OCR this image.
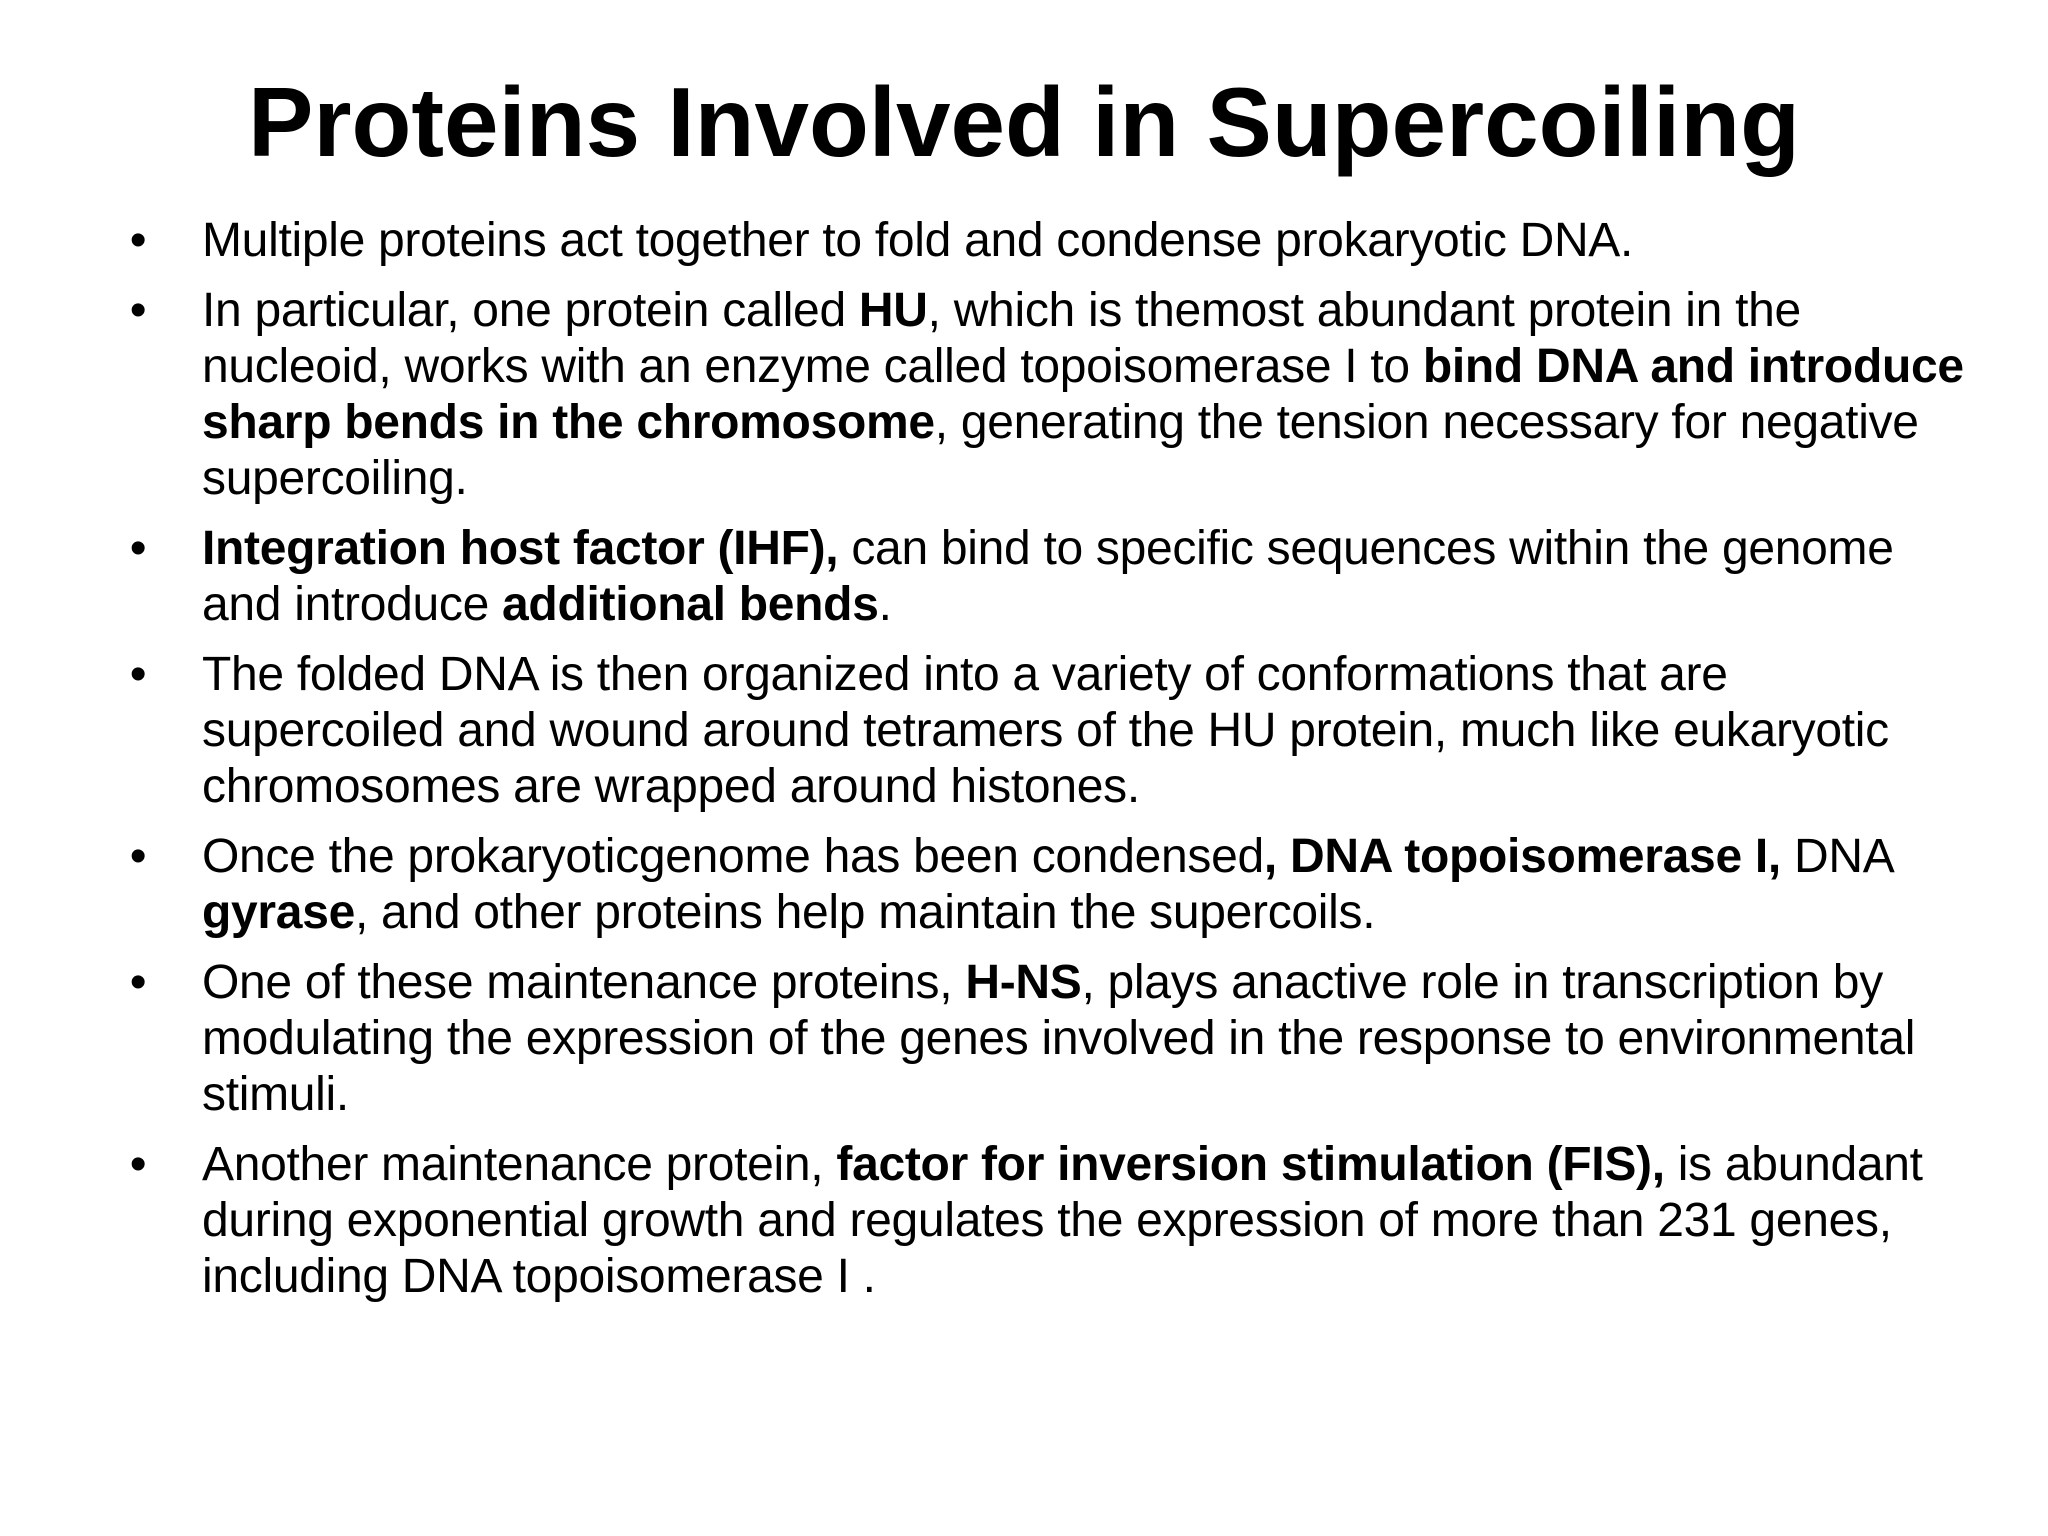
Proteins Involved in Supercoiling
• Multiple proteins act together to fold and condense prokaryotic DNA.
• In particular, one protein called HU, which is themost abundant protein in the nucleoid, works with an enzyme called topoisomerase I to bind DNA and introduce sharp bends in the chromosome, generating the tension necessary for negative supercoiling.
• Integration host factor (IHF), can bind to specific sequences within the genome and introduce additional bends.
• The folded DNA is then organized into a variety of conformations that are supercoiled and wound around tetramers of the HU protein, much like eukaryotic chromosomes are wrapped around histones.
• Once the prokaryoticgenome has been condensed, DNA topoisomerase I, DNA gyrase, and other proteins help maintain the supercoils.
• One of these maintenance proteins, H-NS, plays anactive role in transcription by modulating the expression of the genes involved in the response to environmental stimuli.
• Another maintenance protein, factor for inversion stimulation (FIS), is abundant during exponential growth and regulates the expression of more than 231 genes, including DNA topoisomerase I .
